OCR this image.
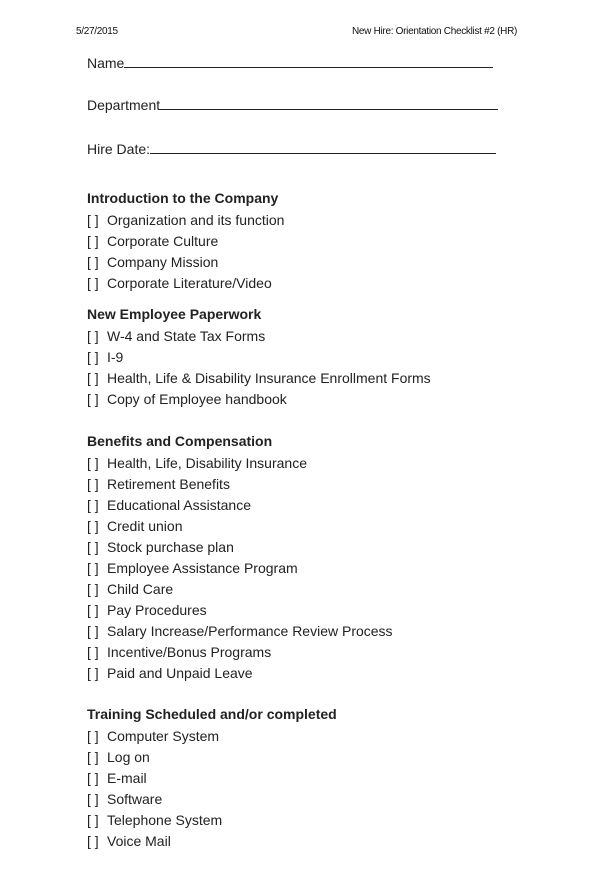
5/27/2015	New Hire: Orientation Checklist #2 (HR)
Name
Department
Hire Date:
Introduction to the Company
[ ] Organization and its function
[ ] Corporate Culture
[ ] Company Mission
[ ] Corporate Literature/Video
New Employee Paperwork
[ ] W-4 and State Tax Forms
[ ] I-9
[ ] Health, Life & Disability Insurance Enrollment Forms
[ ] Copy of Employee handbook
Benefits and Compensation
[ ] Health, Life, Disability Insurance
[ ] Retirement Benefits
[ ] Educational Assistance
[ ] Credit union
[ ] Stock purchase plan
[ ] Employee Assistance Program
[ ] Child Care
[ ] Pay Procedures
[ ] Salary Increase/Performance Review Process
[ ] Incentive/Bonus Programs
[ ] Paid and Unpaid Leave
Training Scheduled and/or completed
[ ] Computer System
[ ] Log on
[ ] E-mail
[ ] Software
[ ] Telephone System
[ ] Voice Mail
